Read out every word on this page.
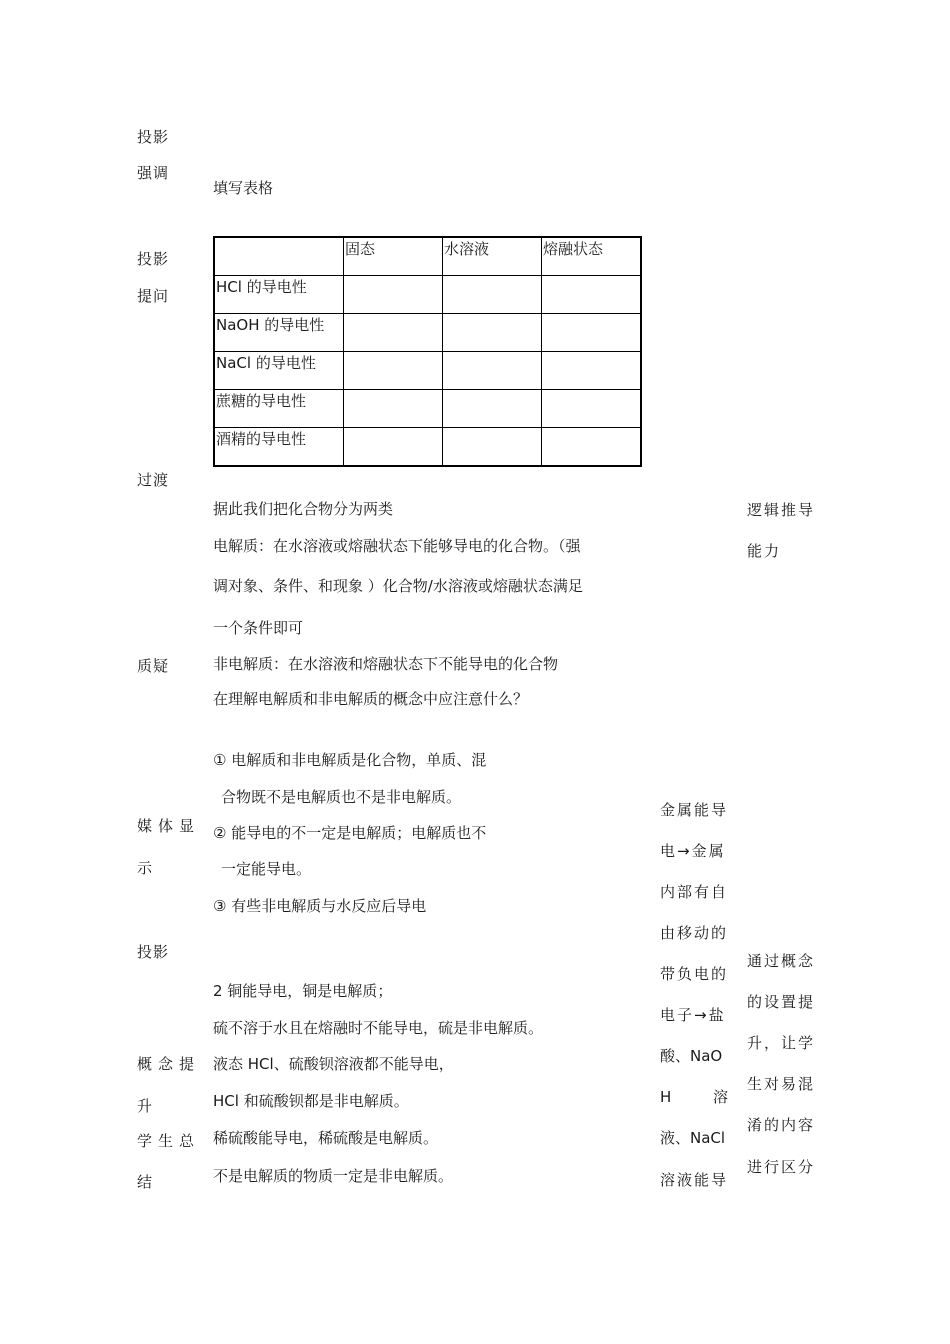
投影
强调
投影
提问
过渡
质疑
媒体显
示
投影
概念提
升
学生总
结
填写表格
	固态	水溶液	熔融状态
HCl 的导电性			
NaOH 的导电性			
NaCl 的导电性			
蔗糖的导电性			
酒精的导电性			
据此我们把化合物分为两类
电解质：在水溶液或熔融状态下能够导电的化合物。（强
调对象、条件、和现象 ）化合物/水溶液或熔融状态满足
一个条件即可
非电解质：在水溶液和熔融状态下不能导电的化合物
在理解电解质和非电解质的概念中应注意什么？
① 电解质和非电解质是化合物，单质、混
合物既不是电解质也不是非电解质。
② 能导电的不一定是电解质；电解质也不
一定能导电。
③ 有些非电解质与水反应后导电
2 铜能导电，铜是电解质；
硫不溶于水且在熔融时不能导电，硫是非电解质。
液态 HCl、硫酸钡溶液都不能导电，
HCl 和硫酸钡都是非电解质。
稀硫酸能导电，稀硫酸是电解质。
不是电解质的物质一定是非电解质。
金属能导
电→金属
内部有自
由移动的
带负电的
电子→盐
酸、NaO
H	溶
液、NaCl
溶液能导
逻辑推导
能力
通过概念
的设置提
升，让学
生对易混
淆的内容
进行区分
